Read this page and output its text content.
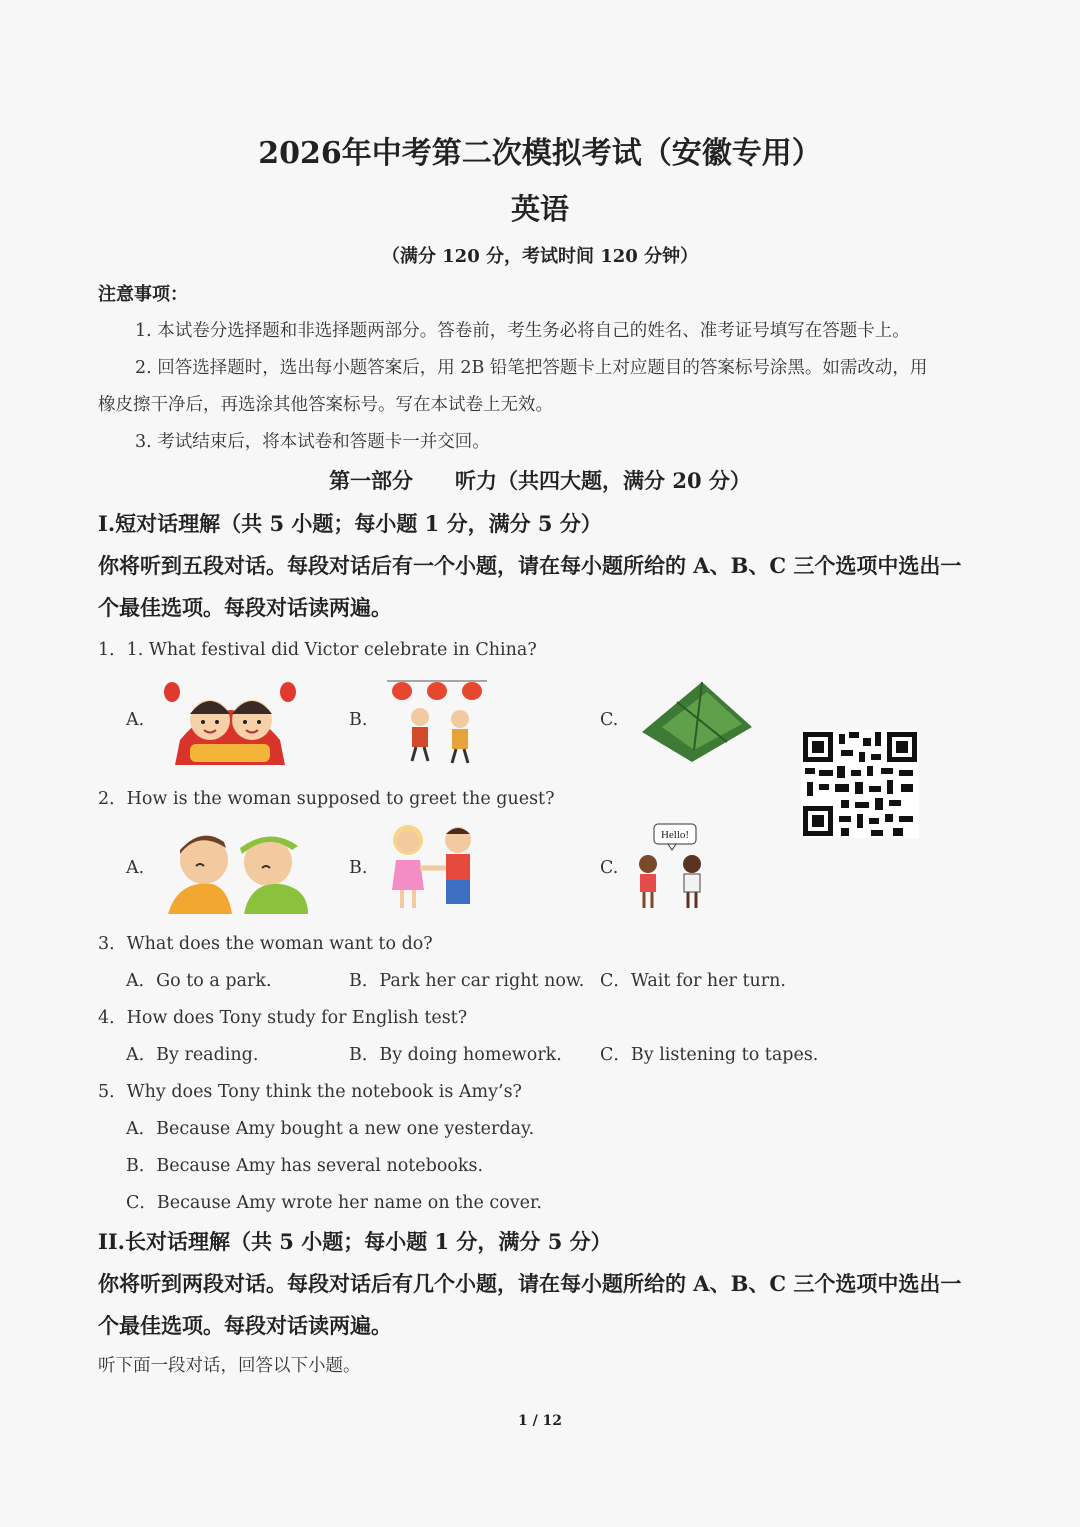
2026年中考第二次模拟考试（安徽专用）
英语
（满分 120 分，考试时间 120 分钟）
注意事项：
1. 本试卷分选择题和非选择题两部分。答卷前，考生务必将自己的姓名、准考证号填写在答题卡上。
2. 回答选择题时，选出每小题答案后，用 2B 铅笔把答题卡上对应题目的答案标号涂黑。如需改动，用
橡皮擦干净后，再选涂其他答案标号。写在本试卷上无效。
3. 考试结束后，将本试卷和答题卡一并交回。
第一部分　　听力（共四大题，满分 20 分）
I.短对话理解（共 5 小题；每小题 1 分，满分 5 分）
你将听到五段对话。每段对话后有一个小题，请在每小题所给的 A、B、C 三个选项中选出一
个最佳选项。每段对话读两遍。
1．1. What festival did Victor celebrate in China?
A.	B.	C.
2．How is the woman supposed to greet the guest?
A.	B.	C.
Hello!
3．What does the woman want to do?
A．Go to a park.	B．Park her car right now. C．Wait for her turn.
4．How does Tony study for English test?
A．By reading.	B．By doing homework. C．By listening to tapes.
5．Why does Tony think the notebook is Amy’s?
A．Because Amy bought a new one yesterday.
B．Because Amy has several notebooks.
C．Because Amy wrote her name on the cover.
II.长对话理解（共 5 小题；每小题 1 分，满分 5 分）
你将听到两段对话。每段对话后有几个小题，请在每小题所给的 A、B、C 三个选项中选出一
个最佳选项。每段对话读两遍。
听下面一段对话，回答以下小题。
1 / 12
